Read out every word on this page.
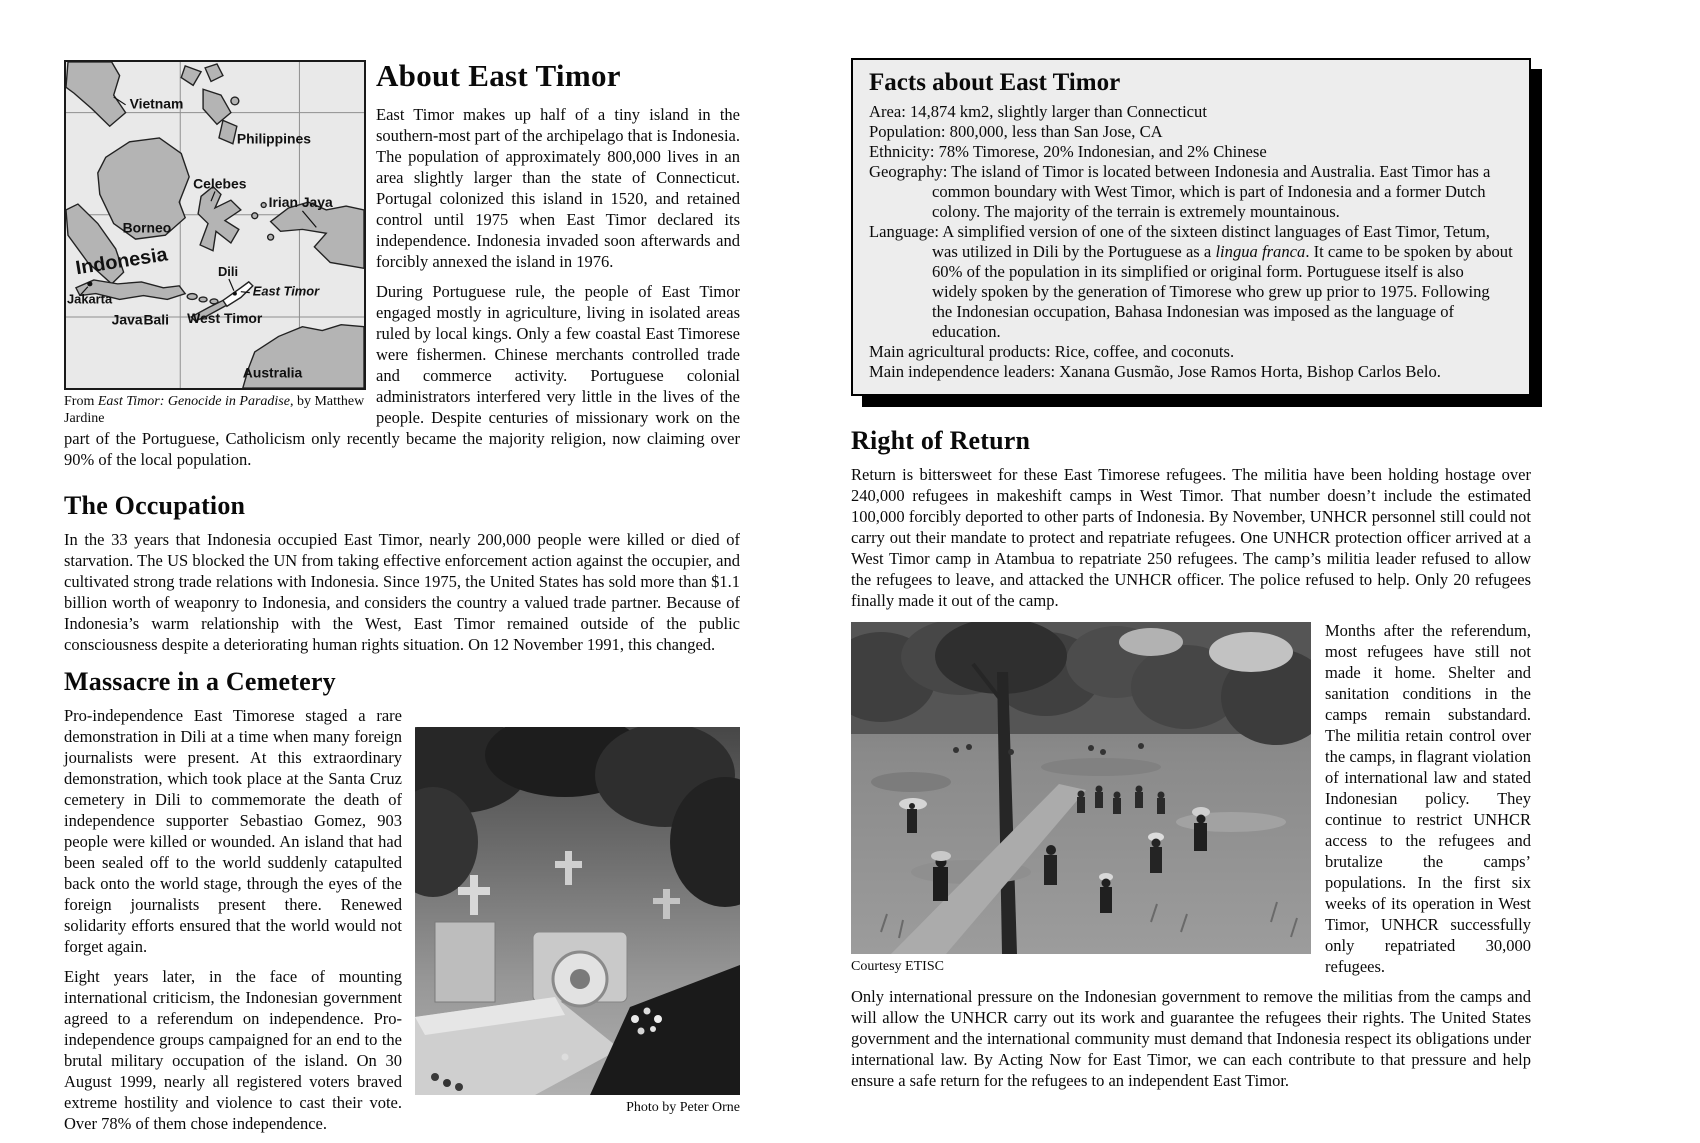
Vietnam
Philippines
Celebes
Irian Jaya
Borneo
Indonesia	Dili
East Timor
Jakarta
Java Bali West Timor
Australia
From East Timor: Genocide in Paradise, by Matthew Jardine
About East Timor

East Timor makes up half of a tiny island in the southern-most part of the archipelago that is Indonesia. The population of approximately 800,000 lives in an area slightly larger than the state of Connecticut. Portugal colonized this island in 1520, and retained control until 1975 when East Timor declared its independence. Indonesia invaded soon afterwards and forcibly annexed the island in 1976.

During Portuguese rule, the people of East Timor engaged mostly in agriculture, living in isolated areas ruled by local kings. Only a few coastal East Timorese were fishermen. Chinese merchants controlled trade and commerce activity. Portuguese colonial administrators interfered very little in the lives of the people. Despite centuries of missionary work on the part of the Portuguese, Catholicism only recently became the majority religion, now claiming over 90% of the local population.

The Occupation

In the 33 years that Indonesia occupied East Timor, nearly 200,000 people were killed or died of starvation. The US blocked the UN from taking effective enforcement action against the occupier, and cultivated strong trade relations with Indonesia. Since 1975, the United States has sold more than $1.1 billion worth of weaponry to Indonesia, and considers the country a valued trade partner. Because of Indonesia’s warm relationship with the West, East Timor remained outside of the public consciousness despite a deteriorating human rights situation. On 12 November 1991, this changed.

Massacre in a Cemetery
Photo by Peter Orne

Pro-independence East Timorese staged a rare demonstration in Dili at a time when many foreign journalists were present. At this extraordinary demonstration, which took place at the Santa Cruz cemetery in Dili to commemorate the death of independence supporter Sebastiao Gomez, 903 people were killed or wounded. An island that had been sealed off to the world suddenly catapulted back onto the world stage, through the eyes of the foreign journalists present there. Renewed solidarity efforts ensured that the world would not forget again.

Eight years later, in the face of mounting international criticism, the Indonesian government agreed to a referendum on independence. Pro-independence groups campaigned for an end to the brutal military occupation of the island. On 30 August 1999, nearly all registered voters braved extreme hostility and violence to cast their vote. Over 78% of them chose independence.

Facts about East Timor

Area: 14,874 km2, slightly larger than Connecticut

Population: 800,000, less than San Jose, CA

Ethnicity: 78% Timorese, 20% Indonesian, and 2% Chinese

Geography: The island of Timor is located between Indonesia and Australia. East Timor has a common boundary with West Timor, which is part of Indonesia and a former Dutch colony. The majority of the terrain is extremely mountainous.

Language: A simplified version of one of the sixteen distinct languages of East Timor, Tetum, was utilized in Dili by the Portuguese as a lingua franca. It came to be spoken by about 60% of the population in its simplified or original form. Portuguese itself is also widely spoken by the generation of Timorese who grew up prior to 1975. Following the Indonesian occupation, Bahasa Indonesian was imposed as the language of education.

Main agricultural products: Rice, coffee, and coconuts.

Main independence leaders: Xanana Gusmão, Jose Ramos Horta, Bishop Carlos Belo.

Right of Return

Return is bittersweet for these East Timorese refugees. The militia have been holding hostage over 240,000 refugees in makeshift camps in West Timor. That number doesn’t include the estimated 100,000 forcibly deported to other parts of Indonesia. By November, UNHCR personnel still could not carry out their mandate to protect and repatriate refugees. One UNHCR protection officer arrived at a West Timor camp in Atambua to repatriate 250 refugees. The camp’s militia leader refused to allow the refugees to leave, and attacked the UNHCR officer. The police refused to help. Only 20 refugees finally made it out of the camp.

Courtesy ETISC

Months after the referendum, most refugees have still not made it home. Shelter and sanitation conditions in the camps remain substandard. The militia retain control over the camps, in flagrant violation of international law and stated Indonesian policy. They continue to restrict UNHCR access to the refugees and brutalize the camps’ populations. In the first six weeks of its operation in West Timor, UNHCR successfully only repatriated 30,000 refugees.

Only international pressure on the Indonesian government to remove the militias from the camps and will allow the UNHCR carry out its work and guarantee the refugees their rights. The United States government and the international community must demand that Indonesia respect its obligations under international law. By Acting Now for East Timor, we can each contribute to that pressure and help ensure a safe return for the refugees to an independent East Timor.
